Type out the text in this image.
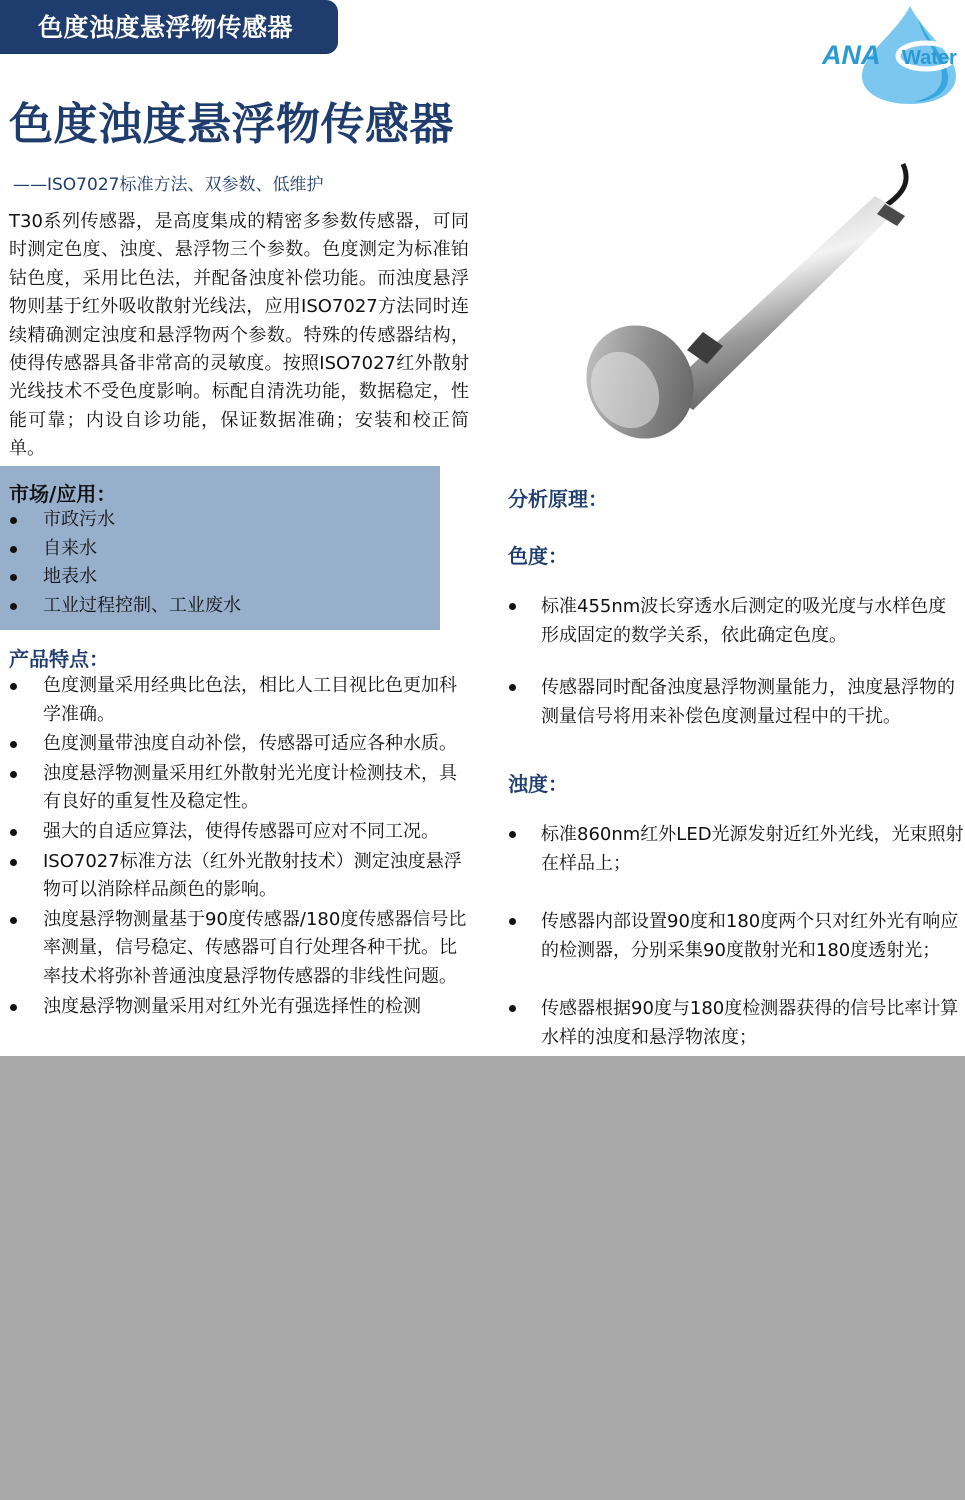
色度浊度悬浮物传感器
ANA Water
色度浊度悬浮物传感器
——ISO7027标准方法、双参数、低维护

T30系列传感器，是高度集成的精密多参数传感器，可同时测定色度、浊度、悬浮物三个参数。色度测定为标准铂钴色度，采用比色法，并配备浊度补偿功能。而浊度悬浮物则基于红外吸收散射光线法，应用ISO7027方法同时连续精确测定浊度和悬浮物两个参数。特殊的传感器结构，使得传感器具备非常高的灵敏度。按照ISO7027红外散射光线技术不受色度影响。标配自清洗功能，数据稳定，性能可靠；内设自诊功能，保证数据准确；安装和校正简单。

市场/应用：
市政污水
自来水
地表水
工业过程控制、工业废水
产品特点：
色度测量采用经典比色法，相比人工目视比色更加科学准确。
色度测量带浊度自动补偿，传感器可适应各种水质。
浊度悬浮物测量采用红外散射光光度计检测技术，具有良好的重复性及稳定性。
强大的自适应算法，使得传感器可应对不同工况。
ISO7027标准方法（红外光散射技术）测定浊度悬浮物可以消除样品颜色的影响。
浊度悬浮物测量基于90度传感器/180度传感器信号比率测量，信号稳定、传感器可自行处理各种干扰。比率技术将弥补普通浊度悬浮物传感器的非线性问题。
浊度悬浮物测量采用对红外光有强选择性的检测
分析原理：
色度：
标准455nm波长穿透水后测定的吸光度与水样色度形成固定的数学关系，依此确定色度。
传感器同时配备浊度悬浮物测量能力，浊度悬浮物的测量信号将用来补偿色度测量过程中的干扰。
浊度：
标准860nm红外LED光源发射近红外光线，光束照射在样品上；
传感器内部设置90度和180度两个只对红外光有响应的检测器，分别采集90度散射光和180度透射光；
传感器根据90度与180度检测器获得的信号比率计算水样的浊度和悬浮物浓度；
